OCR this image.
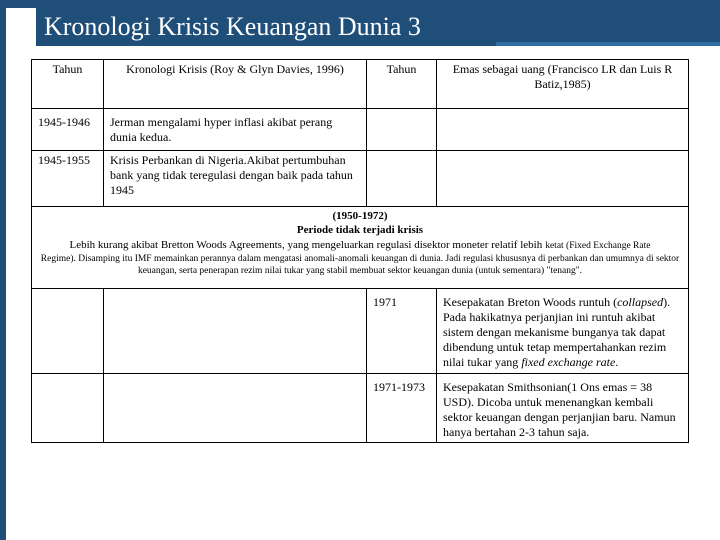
Kronologi Krisis Keuangan Dunia 3
Tahun	Kronologi Krisis (Roy & Glyn Davies, 1996)	Tahun	Emas sebagai uang (Francisco LR dan Luis R Batiz,1985)
1945-1946	Jerman mengalami hyper inflasi akibat perang dunia kedua.		
1945-1955	Krisis Perbankan di Nigeria.Akibat pertumbuhan bank yang tidak teregulasi dengan baik pada tahun 1945		

(1950-1972)
Periode tidak terjadi krisis
Lebih kurang akibat Bretton Woods Agreements, yang mengeluarkan regulasi disektor moneter relatif lebih ketat (Fixed Exchange Rate
Regime). Disamping itu IMF memainkan perannya dalam mengatasi anomali-anomali keuangan di dunia. Jadi regulasi khususnya di perbankan dan umumnya di sektor keuangan, serta penerapan rezim nilai tukar yang stabil membuat sektor keuangan dunia (untuk sementara) "tenang".			

		1971	Kesepakatan Breton Woods runtuh (collapsed). Pada hakikatnya perjanjian ini runtuh akibat sistem dengan mekanisme bunganya tak dapat dibendung untuk tetap mempertahankan rezim nilai tukar yang fixed exchange rate.
		1971-1973	Kesepakatan Smithsonian(1 Ons emas = 38 USD). Dicoba untuk menenangkan kembali sektor keuangan dengan perjanjian baru. Namun hanya bertahan 2-3 tahun saja.
